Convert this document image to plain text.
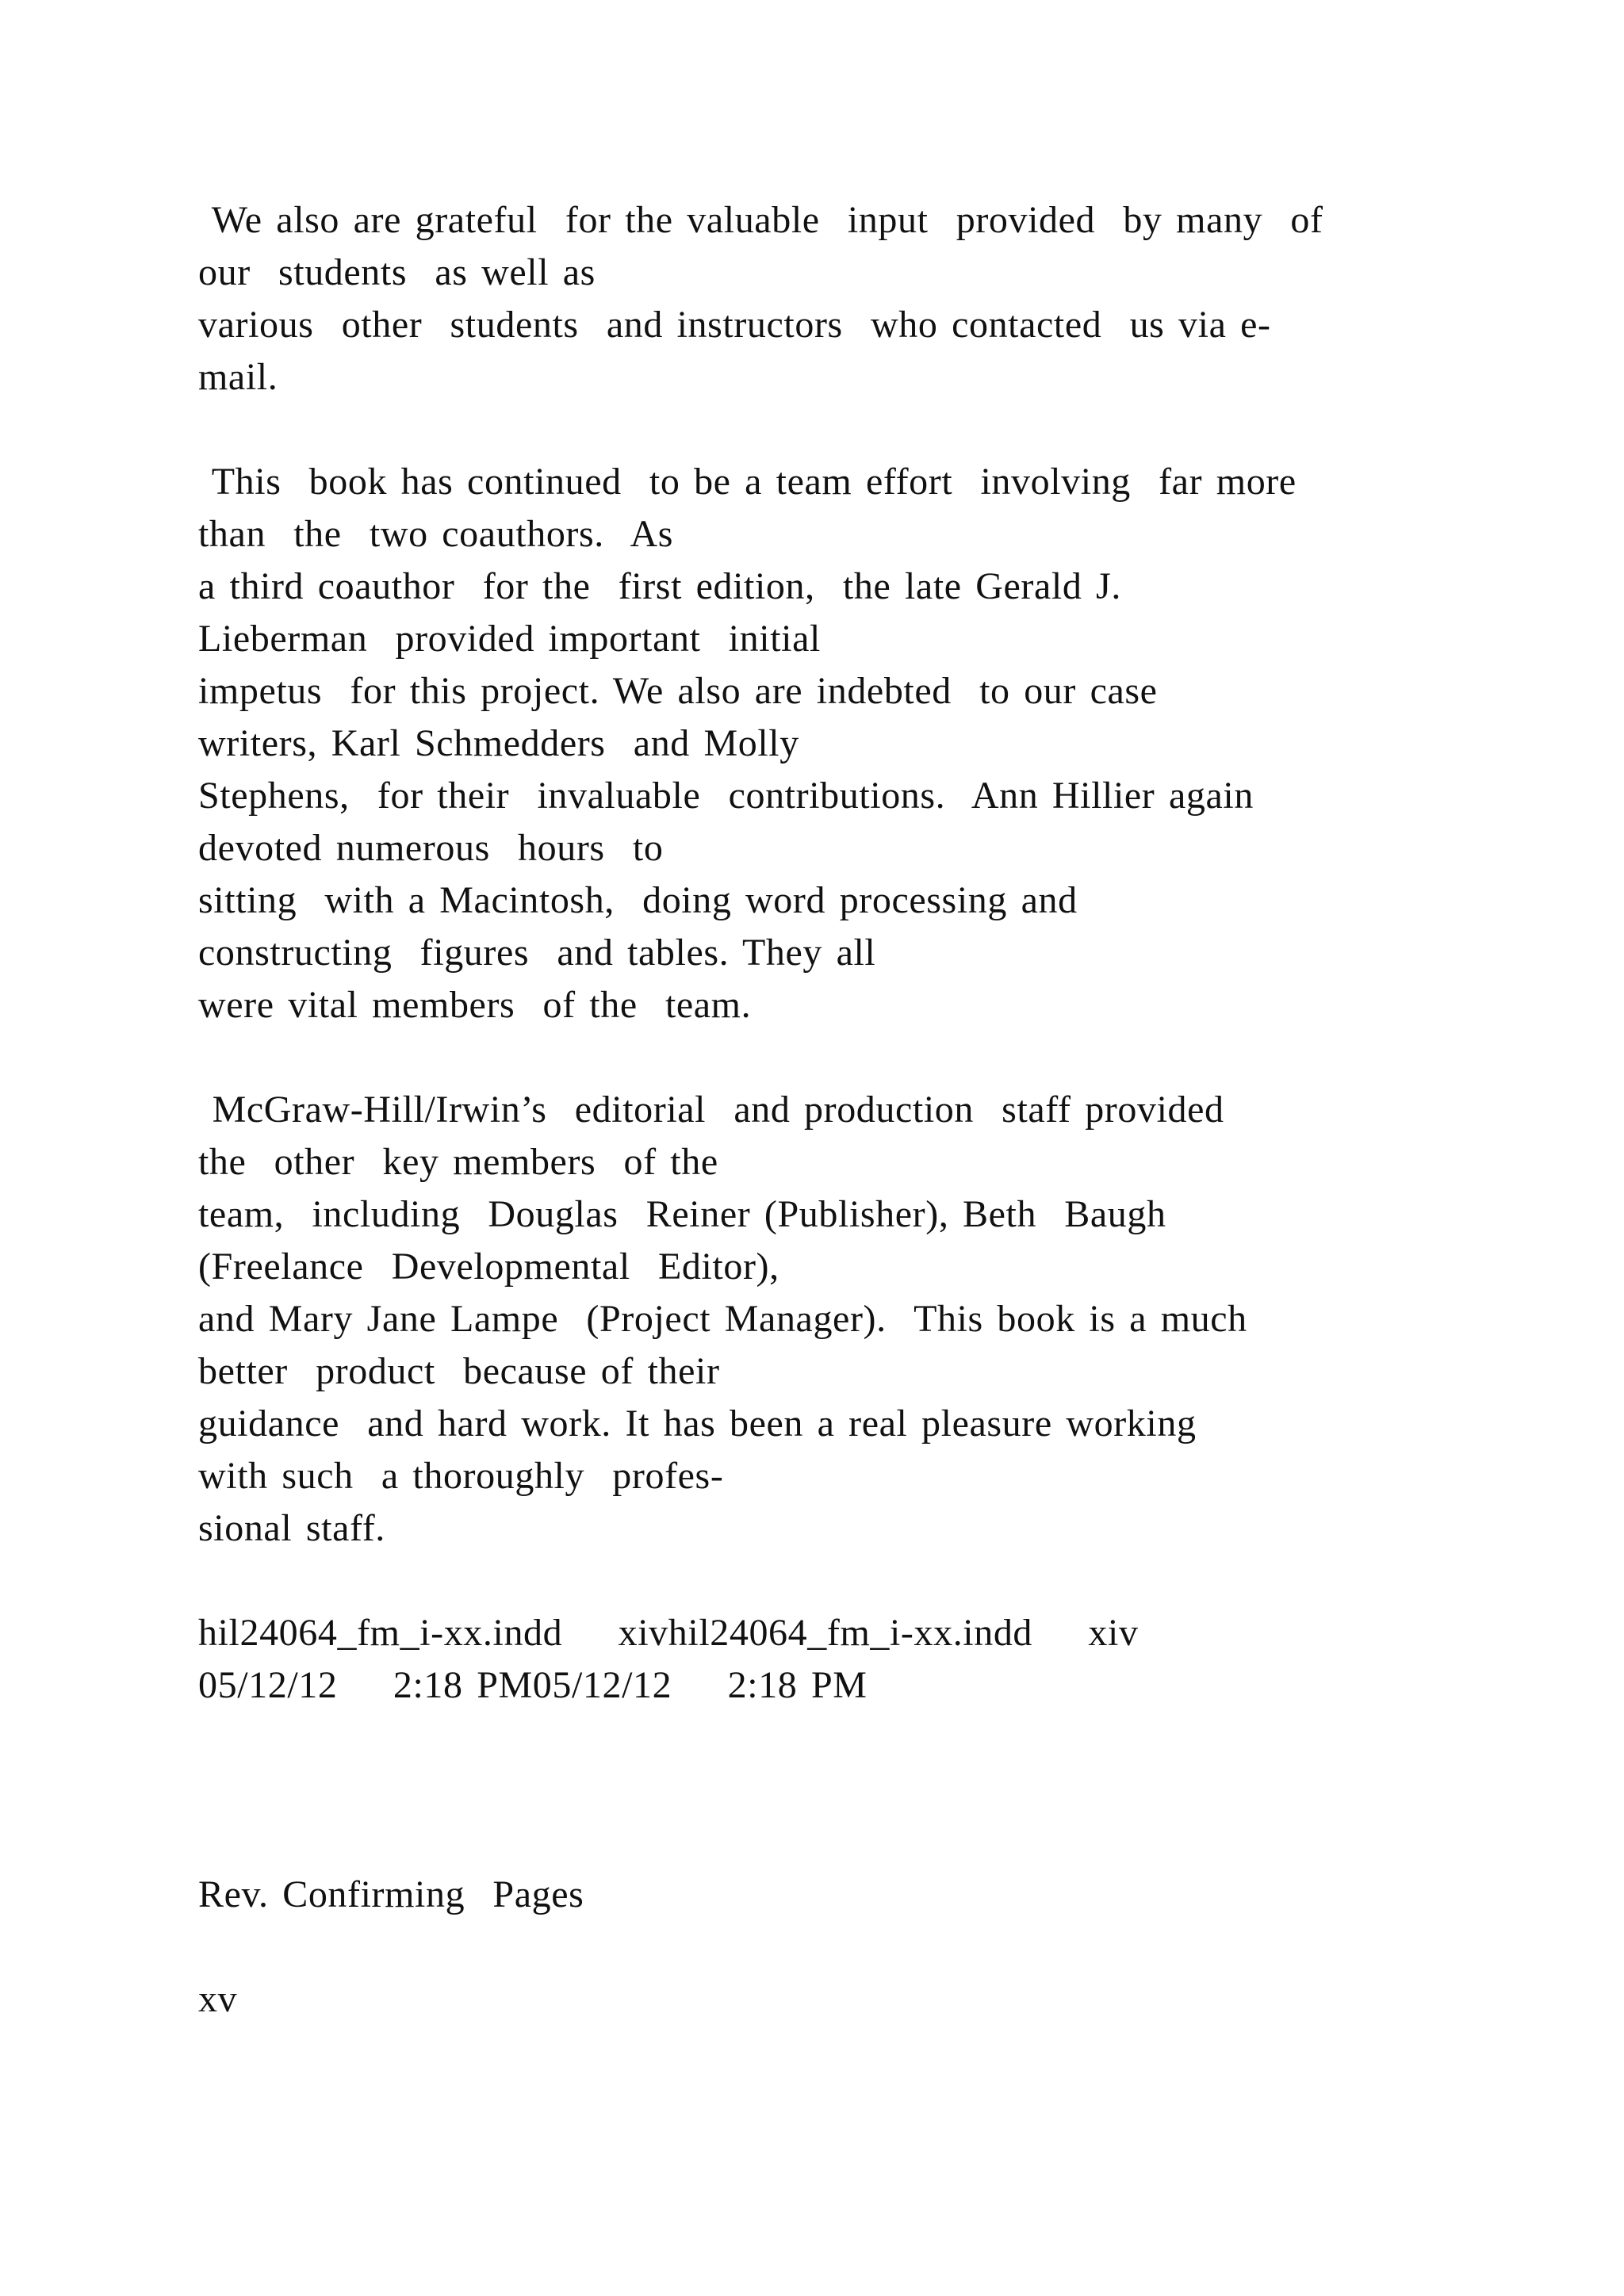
We also are grateful  for the valuable  input  provided  by many  of
our  students  as well as
various  other  students  and instructors  who contacted  us via e-
mail.
This  book has continued  to be a team effort  involving  far more
than  the  two coauthors.  As
a third coauthor  for the  first edition,  the late Gerald J.
Lieberman  provided important  initial
impetus  for this project. We also are indebted  to our case
writers, Karl Schmedders  and Molly
Stephens,  for their  invaluable  contributions.  Ann Hillier again
devoted numerous  hours  to
sitting  with a Macintosh,  doing word processing and
constructing  figures  and tables. They all
were vital members  of the  team.
McGraw-Hill/Irwin’s  editorial  and production  staff provided
the  other  key members  of the
team,  including  Douglas  Reiner (Publisher), Beth  Baugh
(Freelance  Developmental  Editor),
and Mary Jane Lampe  (Project Manager).  This book is a much
better  product  because of their
guidance  and hard work. It has been a real pleasure working
with such  a thoroughly  profes-
sional staff.
hil24064_fm_i-xx.indd    xivhil24064_fm_i-xx.indd    xiv
05/12/12    2:18 PM05/12/12    2:18 PM
Rev. Confirming  Pages
xv
